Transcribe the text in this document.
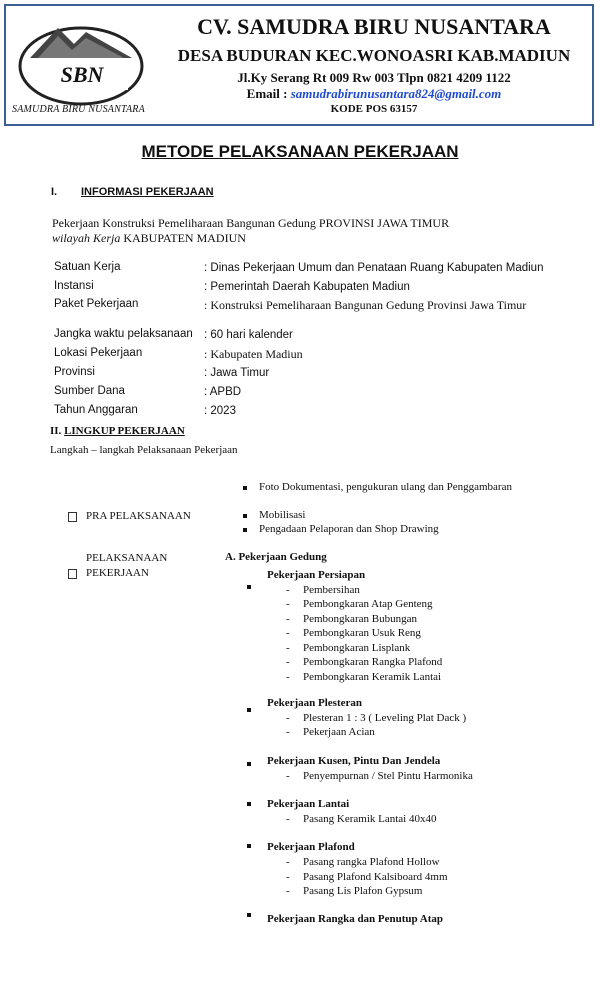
SBN
SAMUDRA BIRU NUSANTARA
CV. SAMUDRA BIRU NUSANTARA
DESA BUDURAN KEC.WONOASRI KAB.MADIUN
Jl.Ky Serang Rt 009 Rw 003 Tlpn 0821 4209 1122
Email : samudrabirunusantara824@gmail.com
KODE POS 63157
METODE PELAKSANAAN PEKERJAAN
I. INFORMASI PEKERJAAN
Pekerjaan Konstruksi Pemeliharaan Bangunan Gedung PROVINSI JAWA TIMUR
wilayah Kerja KABUPATEN MADIUN
Satuan Kerja	: Dinas Pekerjaan Umum dan Penataan Ruang Kabupaten Madiun
Instansi	: Pemerintah Daerah Kabupaten Madiun
Paket Pekerjaan	: Konstruksi Pemeliharaan Bangunan Gedung Provinsi Jawa Timur
Jangka waktu pelaksanaan : 60 hari kalender
Lokasi Pekerjaan	: Kabupaten Madiun
Provinsi	: Jawa Timur
Sumber Dana	: APBD
Tahun Anggaran	: 2023
II. LINGKUP PEKERJAAN
Langkah – langkah Pelaksanaan Pekerjaan
PRA PELAKSANAAN
Foto Dokumentasi, pengukuran ulang dan Penggambaran
Mobilisasi
Pengadaan Pelaporan dan Shop Drawing
PELAKSANAAN
PEKERJAAN
A. Pekerjaan Gedung
Pekerjaan Persiapan
- Pembersihan
- Pembongkaran Atap Genteng
- Pembongkaran Bubungan
- Pembongkaran Usuk Reng
- Pembongkaran Lisplank
- Pembongkaran Rangka Plafond
- Pembongkaran Keramik Lantai
Pekerjaan Plesteran
- Plesteran 1 : 3 ( Leveling Plat Dack )
- Pekerjaan Acian
Pekerjaan Kusen, Pintu Dan Jendela
- Penyempurnan / Stel Pintu Harmonika
Pekerjaan Lantai
- Pasang Keramik Lantai 40x40
Pekerjaan Plafond
- Pasang rangka Plafond Hollow
- Pasang Plafond Kalsiboard 4mm
- Pasang Lis Plafon Gypsum
Pekerjaan Rangka dan Penutup Atap
